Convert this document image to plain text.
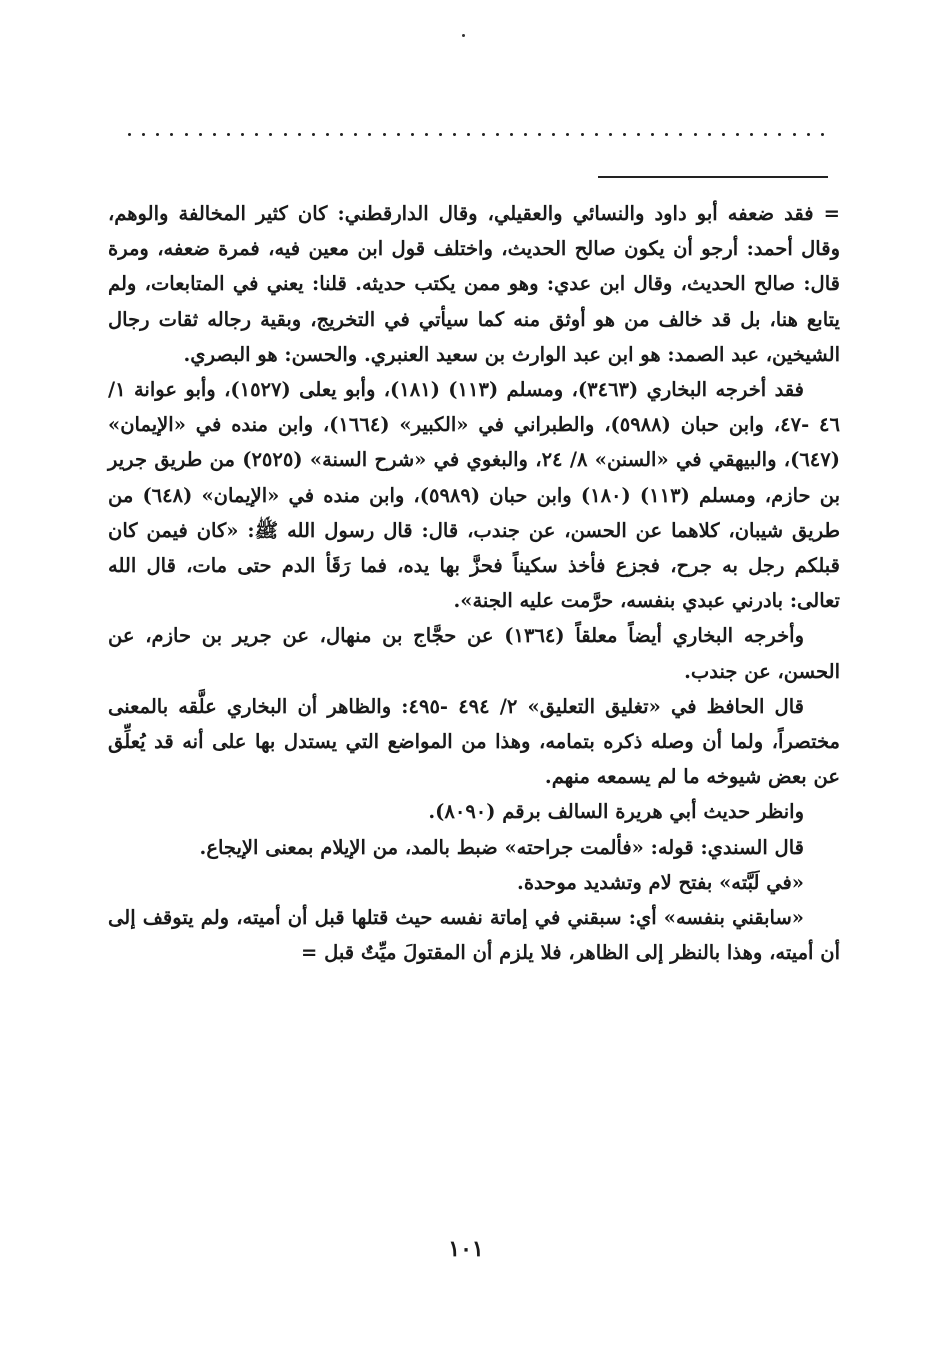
= فقد ضعفه أبو داود والنسائي والعقيلي، وقال الدارقطني: كان كثير المخالفة والوهم، وقال أحمد: أرجو أن يكون صالح الحديث، واختلف قول ابن معين فيه، فمرة ضعفه، ومرة قال: صالح الحديث، وقال ابن عدي: وهو ممن يكتب حديثه. قلنا: يعني في المتابعات، ولم يتابع هنا، بل قد خالف من هو أوثق منه كما سيأتي في التخريج، وبقية رجاله ثقات رجال الشيخين، عبد الصمد: هو ابن عبد الوارث بن سعيد العنبري. والحسن: هو البصري.

فقد أخرجه البخاري (٣٤٦٣)، ومسلم (١١٣) (١٨١)، وأبو يعلى (١٥٢٧)، وأبو عوانة ١/ ٤٦ -٤٧، وابن حبان (٥٩٨٨)، والطبراني في «الكبير» (١٦٦٤)، وابن منده في «الإيمان» (٦٤٧)، والبيهقي في «السنن» ٨/ ٢٤، والبغوي في «شرح السنة» (٢٥٢٥) من طريق جرير بن حازم، ومسلم (١١٣) (١٨٠) وابن حبان (٥٩٨٩)، وابن منده في «الإيمان» (٦٤٨) من طريق شيبان، كلاهما عن الحسن، عن جندب، قال: قال رسول الله ﷺ: «كان فيمن كان قبلكم رجل به جرح، فجزع فأخذ سكيناً فحزَّ بها يده، فما رَقَأ الدم حتى مات، قال الله تعالى: بادرني عبدي بنفسه، حرَّمت عليه الجنة».

وأخرجه البخاري أيضاً معلقاً (١٣٦٤) عن حجَّاج بن منهال، عن جرير بن حازم، عن الحسن، عن جندب.

قال الحافظ في «تغليق التعليق» ٢/ ٤٩٤ -٤٩٥: والظاهر أن البخاري علَّقه بالمعنى مختصراً، ولما أن وصله ذكره بتمامه، وهذا من المواضع التي يستدل بها على أنه قد يُعلِّق عن بعض شيوخه ما لم يسمعه منهم.

وانظر حديث أبي هريرة السالف برقم (٨٠٩٠).

قال السندي: قوله: «فألمت جراحته» ضبط بالمد، من الإيلام بمعنى الإيجاع.

«في لَبَّته» بفتح لام وتشديد موحدة.

«سابقني بنفسه» أي: سبقني في إماتة نفسه حيث قتلها قبل أن أميته، ولم يتوقف إلى أن أميته، وهذا بالنظر إلى الظاهر، فلا يلزم أن المقتولَ ميِّتٌ قبل =

١٠١
